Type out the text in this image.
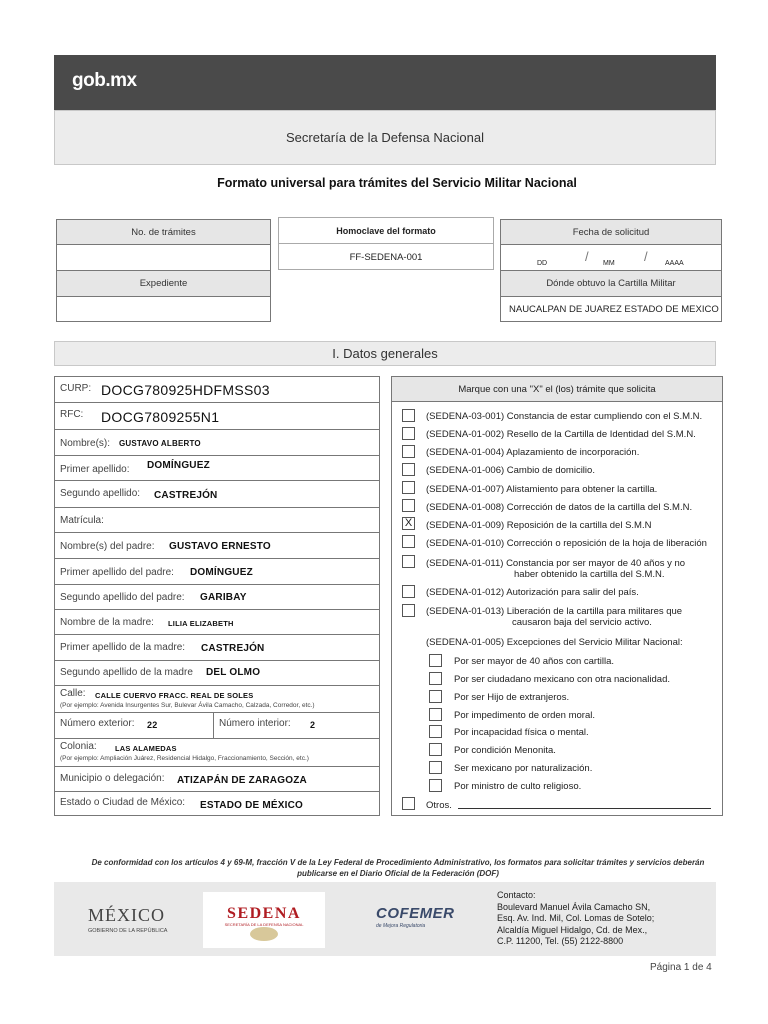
gob.mx
Secretaría de la Defensa Nacional
Formato universal para trámites del Servicio Militar Nacional
No. de trámites
Expediente
Homoclave del formato
FF-SEDENA-001
Fecha de solicitud
DD	/ MM / AAAA
Dónde obtuvo la Cartilla Militar
NAUCALPAN DE JUAREZ ESTADO DE MEXICO
I. Datos generales
CURP: DOCG780925HDFMSS03
RFC: DOCG7809255N1
Nombre(s): GUSTAVO ALBERTO
Primer apellido: DOMÍNGUEZ
Segundo apellido: CASTREJÓN
Matrícula:
Nombre(s) del padre: GUSTAVO ERNESTO
Primer apellido del padre: DOMÍNGUEZ
Segundo apellido del padre: GARIBAY
Nombre de la madre: LILIA ELIZABETH
Primer apellido de la madre: CASTREJÓN
Segundo apellido de la madre DEL OLMO
Calle: CALLE CUERVO FRACC. REAL DE SOLES
(Por ejemplo: Avenida Insurgentes Sur, Bulevar Ávila Camacho, Calzada, Corredor, etc.)
Número exterior: 22	Número interior: 2
Colonia: LAS ALAMEDAS
(Por ejemplo: Ampliación Juárez, Residencial Hidalgo, Fraccionamiento, Sección, etc.)
Municipio o delegación: ATIZAPÁN DE ZARAGOZA
Estado o Ciudad de México: ESTADO DE MÉXICO
Marque con una "X" el (los) trámite que solicita
(SEDENA-03-001) Constancia de estar cumpliendo con el S.M.N.
(SEDENA-01-002) Resello de la Cartilla de Identidad del S.M.N.
(SEDENA-01-004) Aplazamiento de incorporación.
(SEDENA-01-006) Cambio de domicilio.
(SEDENA-01-007) Alistamiento para obtener la cartilla.
(SEDENA-01-008) Corrección de datos de la cartilla del S.M.N.
X (SEDENA-01-009) Reposición de la cartilla del S.M.N
(SEDENA-01-010) Corrección o reposición de la hoja de liberación
(SEDENA-01-011) Constancia por ser mayor de 40 años y no
haber obtenido la cartilla del S.M.N.
(SEDENA-01-012) Autorización para salir del país.
(SEDENA-01-013) Liberación de la cartilla para militares que
causaron baja del servicio activo.
(SEDENA-01-005) Excepciones del Servicio Militar Nacional:
Por ser mayor de 40 años con cartilla.
Por ser ciudadano mexicano con otra nacionalidad.
Por ser Hijo de extranjeros.
Por impedimento de orden moral.
Por incapacidad física o mental.
Por condición Menonita.
Ser mexicano por naturalización.
Por ministro de culto religioso.
Otros.
De conformidad con los artículos 4 y 69-M, fracción V de la Ley Federal de Procedimiento Administrativo, los formatos para solicitar trámites y servicios deberán
publicarse en el Diario Oficial de la Federación (DOF)
MÉXICO
GOBIERNO DE LA REPÚBLICA
SEDENA
SECRETARÍA DE LA DEFENSA NACIONAL
COFEMER
de Mejora Regulatoria
Contacto:
Boulevard Manuel Ávila Camacho SN,
Esq. Av. Ind. Mil, Col. Lomas de Sotelo;
Alcaldía Miguel Hidalgo, Cd. de Mex.,
C.P. 11200, Tel. (55) 2122-8800
Página 1 de 4
